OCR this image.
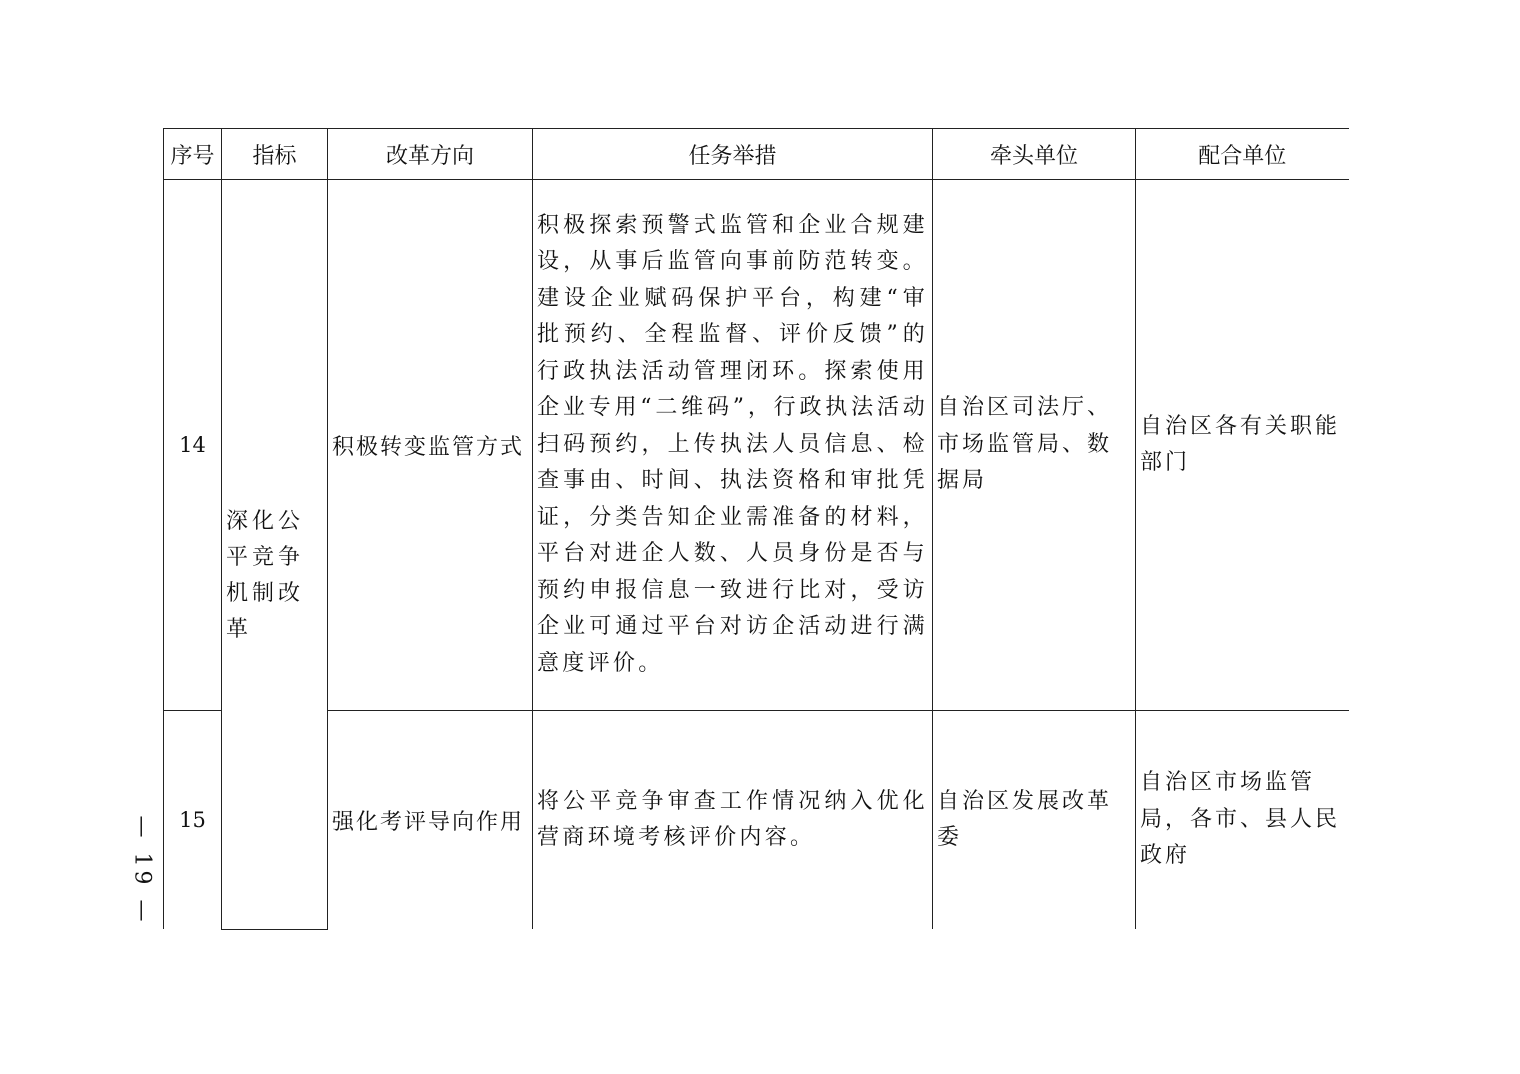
序号	指标	改革方向	任务举措	牵头单位	配合单位
14	深化公平竞争机制改革	积极转变监管方式	积极探索预警式监管和企业合规建设，从事后监管向事前防范转变。建设企业赋码保护平台，构建“审批预约、全程监督、评价反馈”的行政执法活动管理闭环。探索使用企业专用“二维码”，行政执法活动扫码预约，上传执法人员信息、检查事由、时间、执法资格和审批凭证，分类告知企业需准备的材料，平台对进企人数、人员身份是否与预约申报信息一致进行比对，受访企业可通过平台对访企活动进行满意度评价。	自治区司法厅、市场监管局、数据局	自治区各有关职能部门
15		强化考评导向作用	将公平竞争审查工作情况纳入优化营商环境考核评价内容。	自治区发展改革委	自治区市场监管局，各市、县人民政府
— 19 —
